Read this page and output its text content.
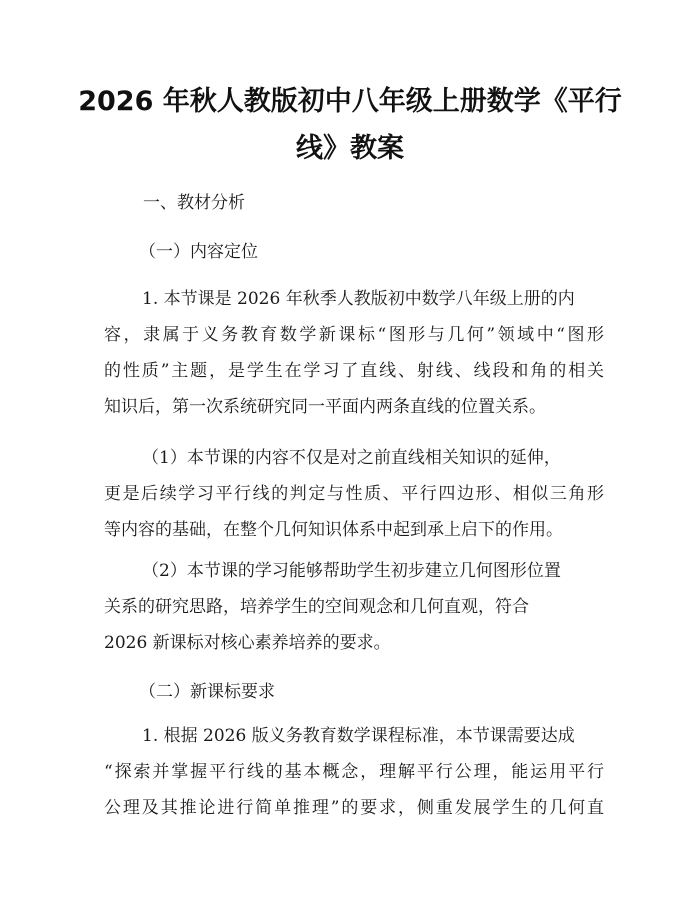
2026 年秋人教版初中八年级上册数学《平行
线》教案
一、教材分析
（一）内容定位
1. 本节课是 2026 年秋季人教版初中数学八年级上册的内
容，隶属于义务教育数学新课标“图形与几何”领域中“图形
的性质”主题，是学生在学习了直线、射线、线段和角的相关
知识后，第一次系统研究同一平面内两条直线的位置关系。
（1）本节课的内容不仅是对之前直线相关知识的延伸，
更是后续学习平行线的判定与性质、平行四边形、相似三角形
等内容的基础，在整个几何知识体系中起到承上启下的作用。
（2）本节课的学习能够帮助学生初步建立几何图形位置
关系的研究思路，培养学生的空间观念和几何直观，符合
2026 新课标对核心素养培养的要求。
（二）新课标要求
1. 根据 2026 版义务教育数学课程标准，本节课需要达成
“探索并掌握平行线的基本概念，理解平行公理，能运用平行
公理及其推论进行简单推理”的要求，侧重发展学生的几何直
